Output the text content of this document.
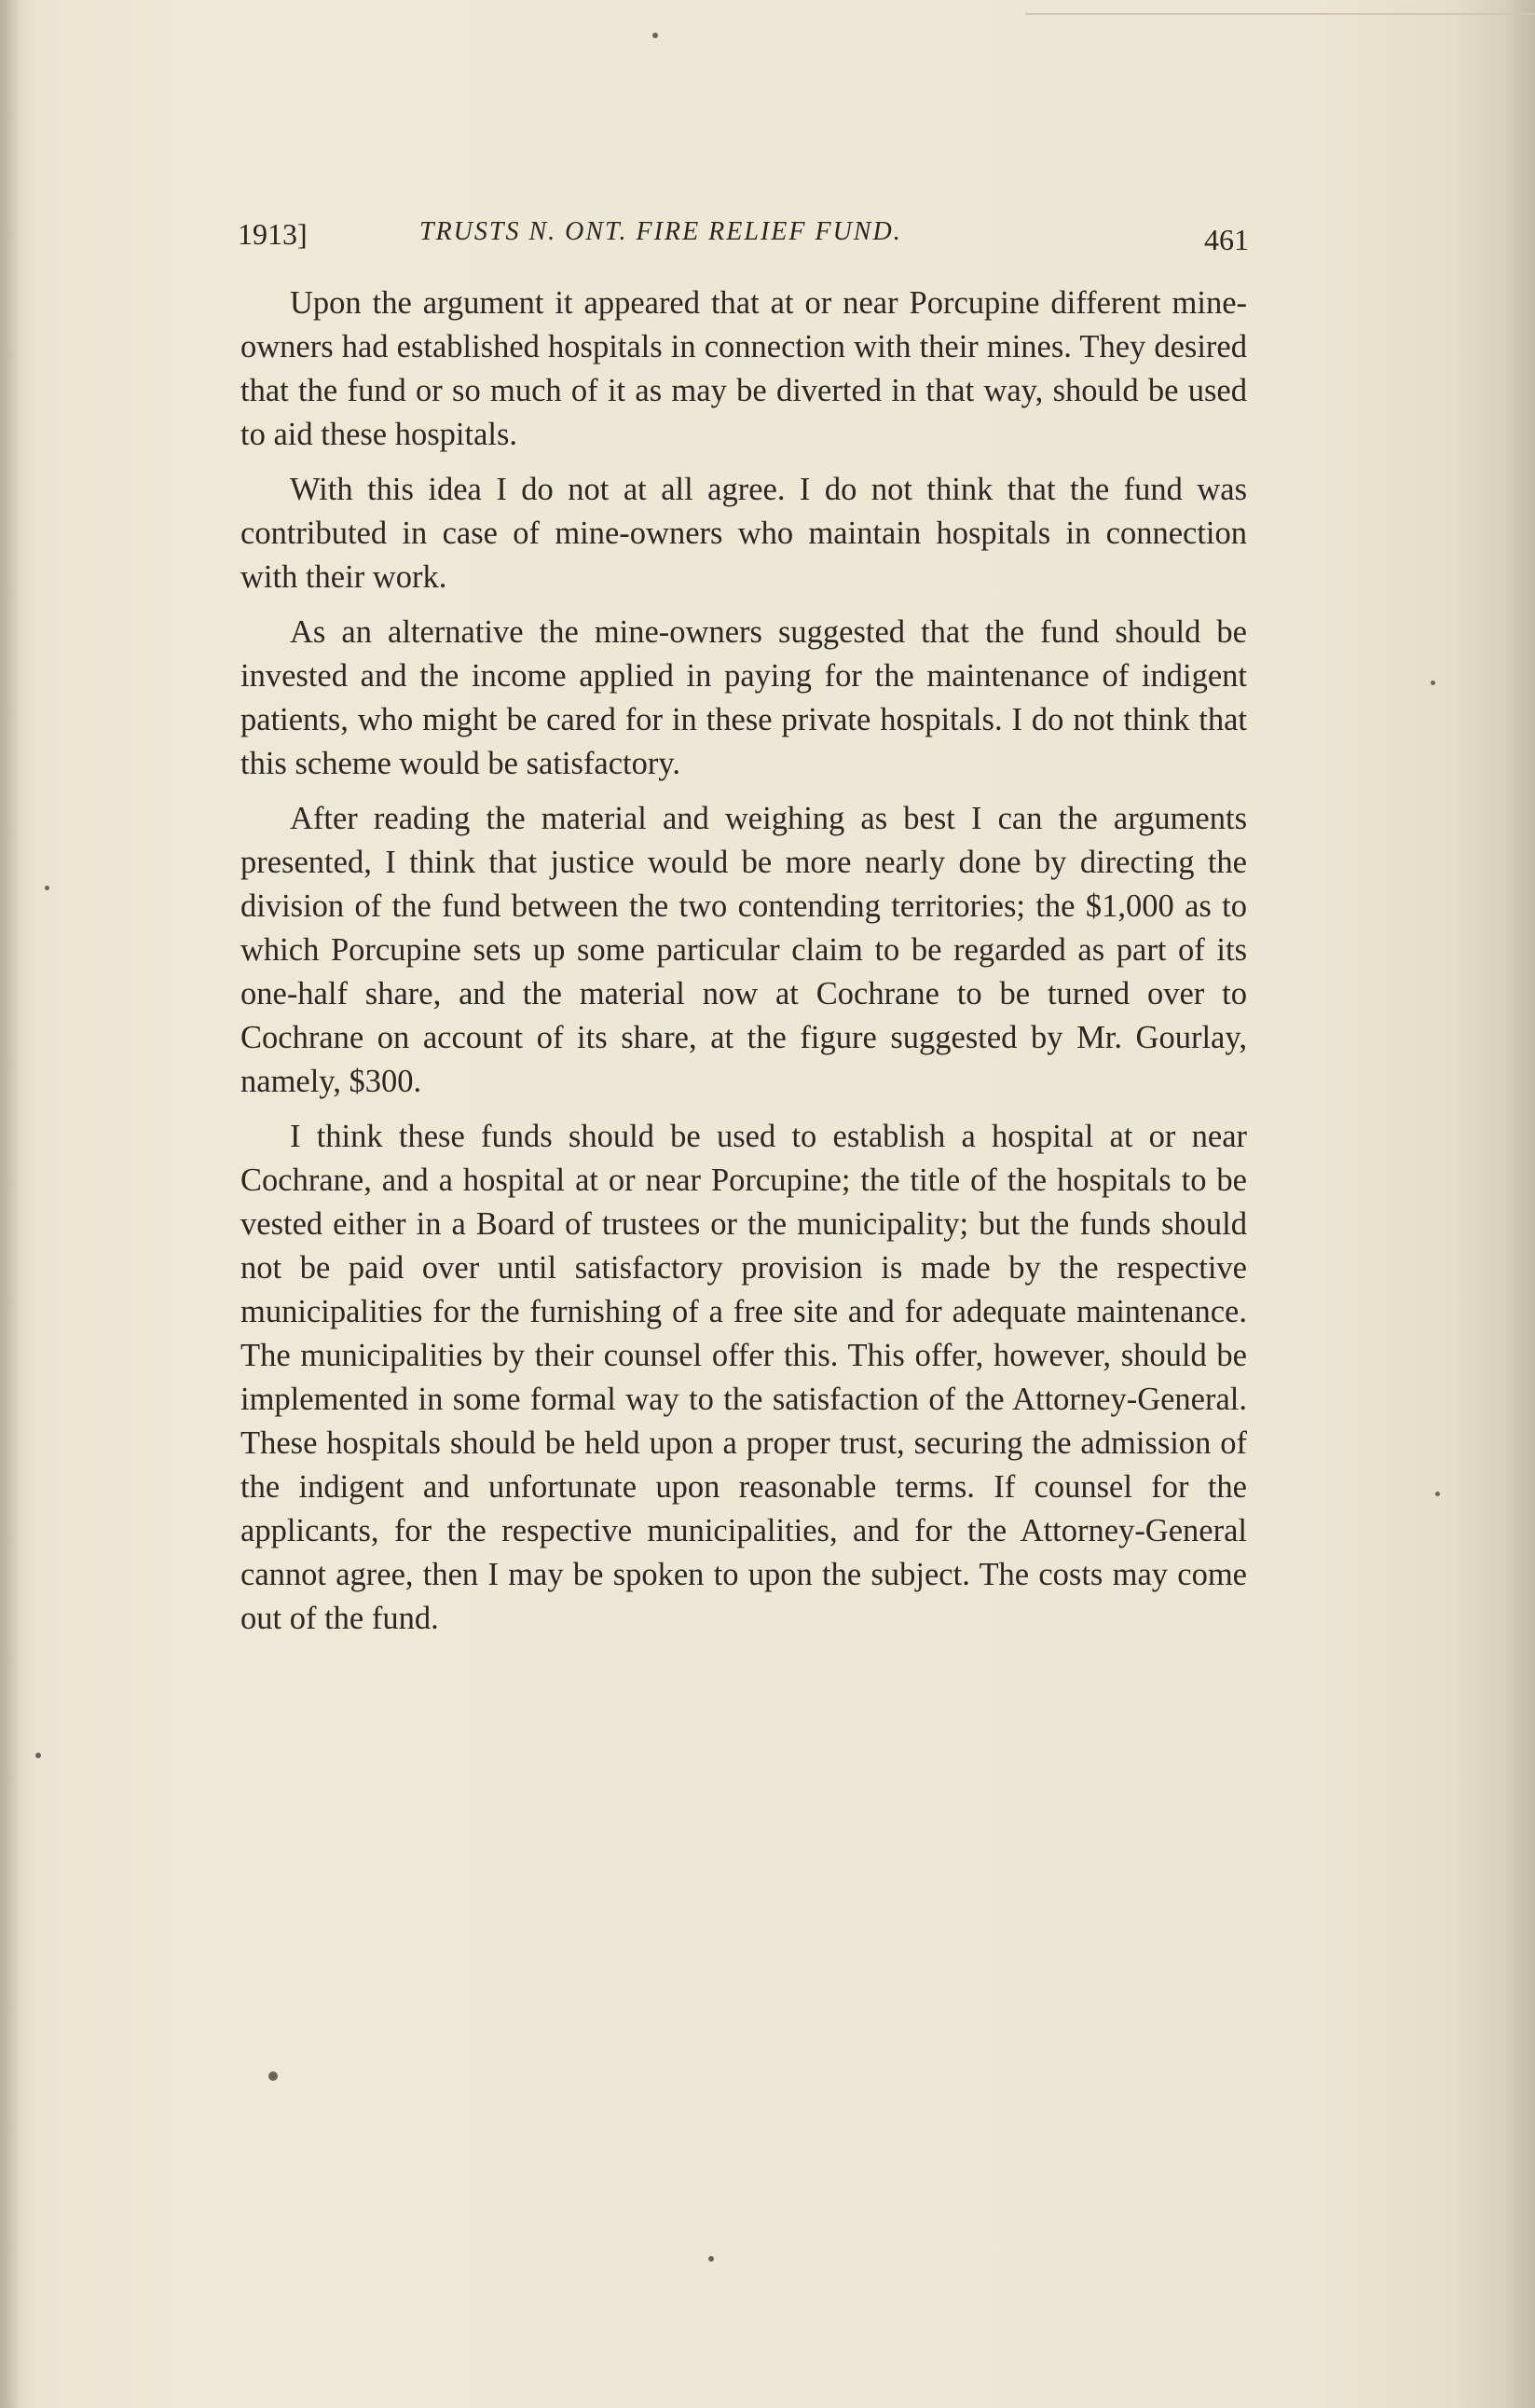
1913]	TRUSTS N. ONT. FIRE RELIEF FUND.	461

Upon the argument it appeared that at or near Porcupine different mine-owners had established hospitals in connection with their mines. They desired that the fund or so much of it as may be diverted in that way, should be used to aid these hospitals.

With this idea I do not at all agree. I do not think that the fund was contributed in case of mine-owners who maintain hospitals in connection with their work.

As an alternative the mine-owners suggested that the fund should be invested and the income applied in paying for the maintenance of indigent patients, who might be cared for in these private hospitals. I do not think that this scheme would be satisfactory.

After reading the material and weighing as best I can the arguments presented, I think that justice would be more nearly done by directing the division of the fund between the two contending territories; the $1,000 as to which Porcupine sets up some particular claim to be regarded as part of its one-half share, and the material now at Cochrane to be turned over to Cochrane on account of its share, at the figure suggested by Mr. Gourlay, namely, $300.

I think these funds should be used to establish a hospital at or near Cochrane, and a hospital at or near Porcupine; the title of the hospitals to be vested either in a Board of trustees or the municipality; but the funds should not be paid over until satisfactory provision is made by the respective municipalities for the furnishing of a free site and for adequate maintenance. The municipalities by their counsel offer this. This offer, however, should be implemented in some formal way to the satisfaction of the Attorney-General. These hospitals should be held upon a proper trust, securing the admission of the indigent and unfortunate upon reasonable terms. If counsel for the applicants, for the respective municipalities, and for the Attorney-General cannot agree, then I may be spoken to upon the subject. The costs may come out of the fund.
